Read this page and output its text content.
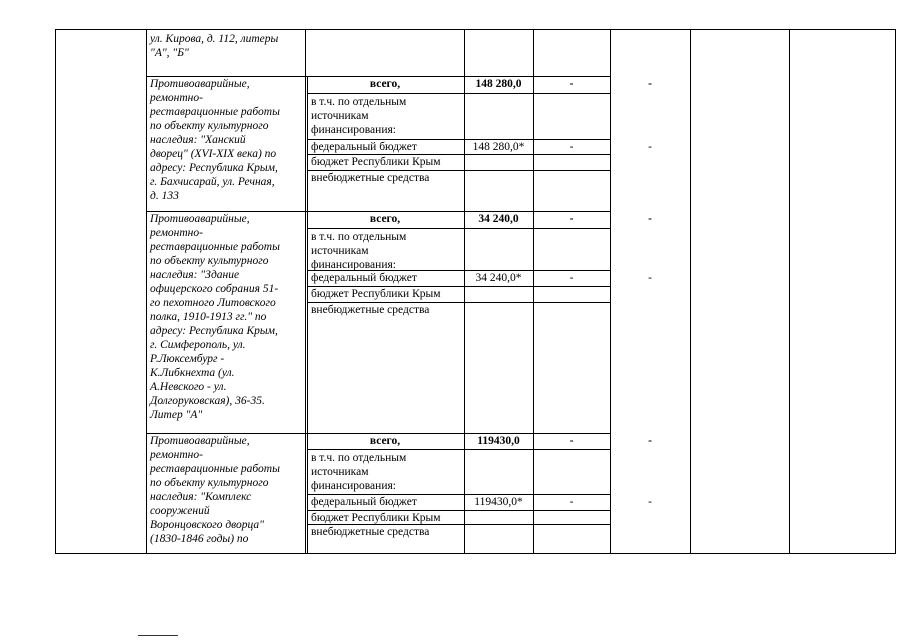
ул. Кирова, д. 112, литеры
"А", "Б"
Противоаварийные,
ремонтно-
реставрационные работы
по объекту культурного
наследия: "Ханский
дворец" (XVI-XIX века) по
адресу: Республика Крым,
г. Бахчисарай, ул. Речная,
д. 133
всего,	148 280,0	-	-
в т.ч. по отдельным
источникам
финансирования:
федеральный бюджет	148 280,0*	-	-
бюджет Республики Крым
внебюджетные средства
Противоаварийные,
ремонтно-
реставрационные работы
по объекту культурного
наследия: "Здание
офицерского собрания 51-
го пехотного Литовского
полка, 1910-1913 гг." по
адресу: Республика Крым,
г. Симферополь, ул.
Р.Люксембург -
К.Либкнехта (ул.
А.Невского - ул.
Долгоруковская), 36-35.
Литер "А"
всего,	34 240,0	-	-
в т.ч. по отдельным
источникам
финансирования:
федеральный бюджет	34 240,0*	-	-
бюджет Республики Крым
внебюджетные средства
Противоаварийные,
ремонтно-
реставрационные работы
по объекту культурного
наследия: "Комплекс
сооружений
Воронцовского дворца"
(1830-1846 годы) по
всего,	119430,0	-	-
в т.ч. по отдельным
источникам
финансирования:
федеральный бюджет	119430,0*	-	-
бюджет Республики Крым
внебюджетные средства
